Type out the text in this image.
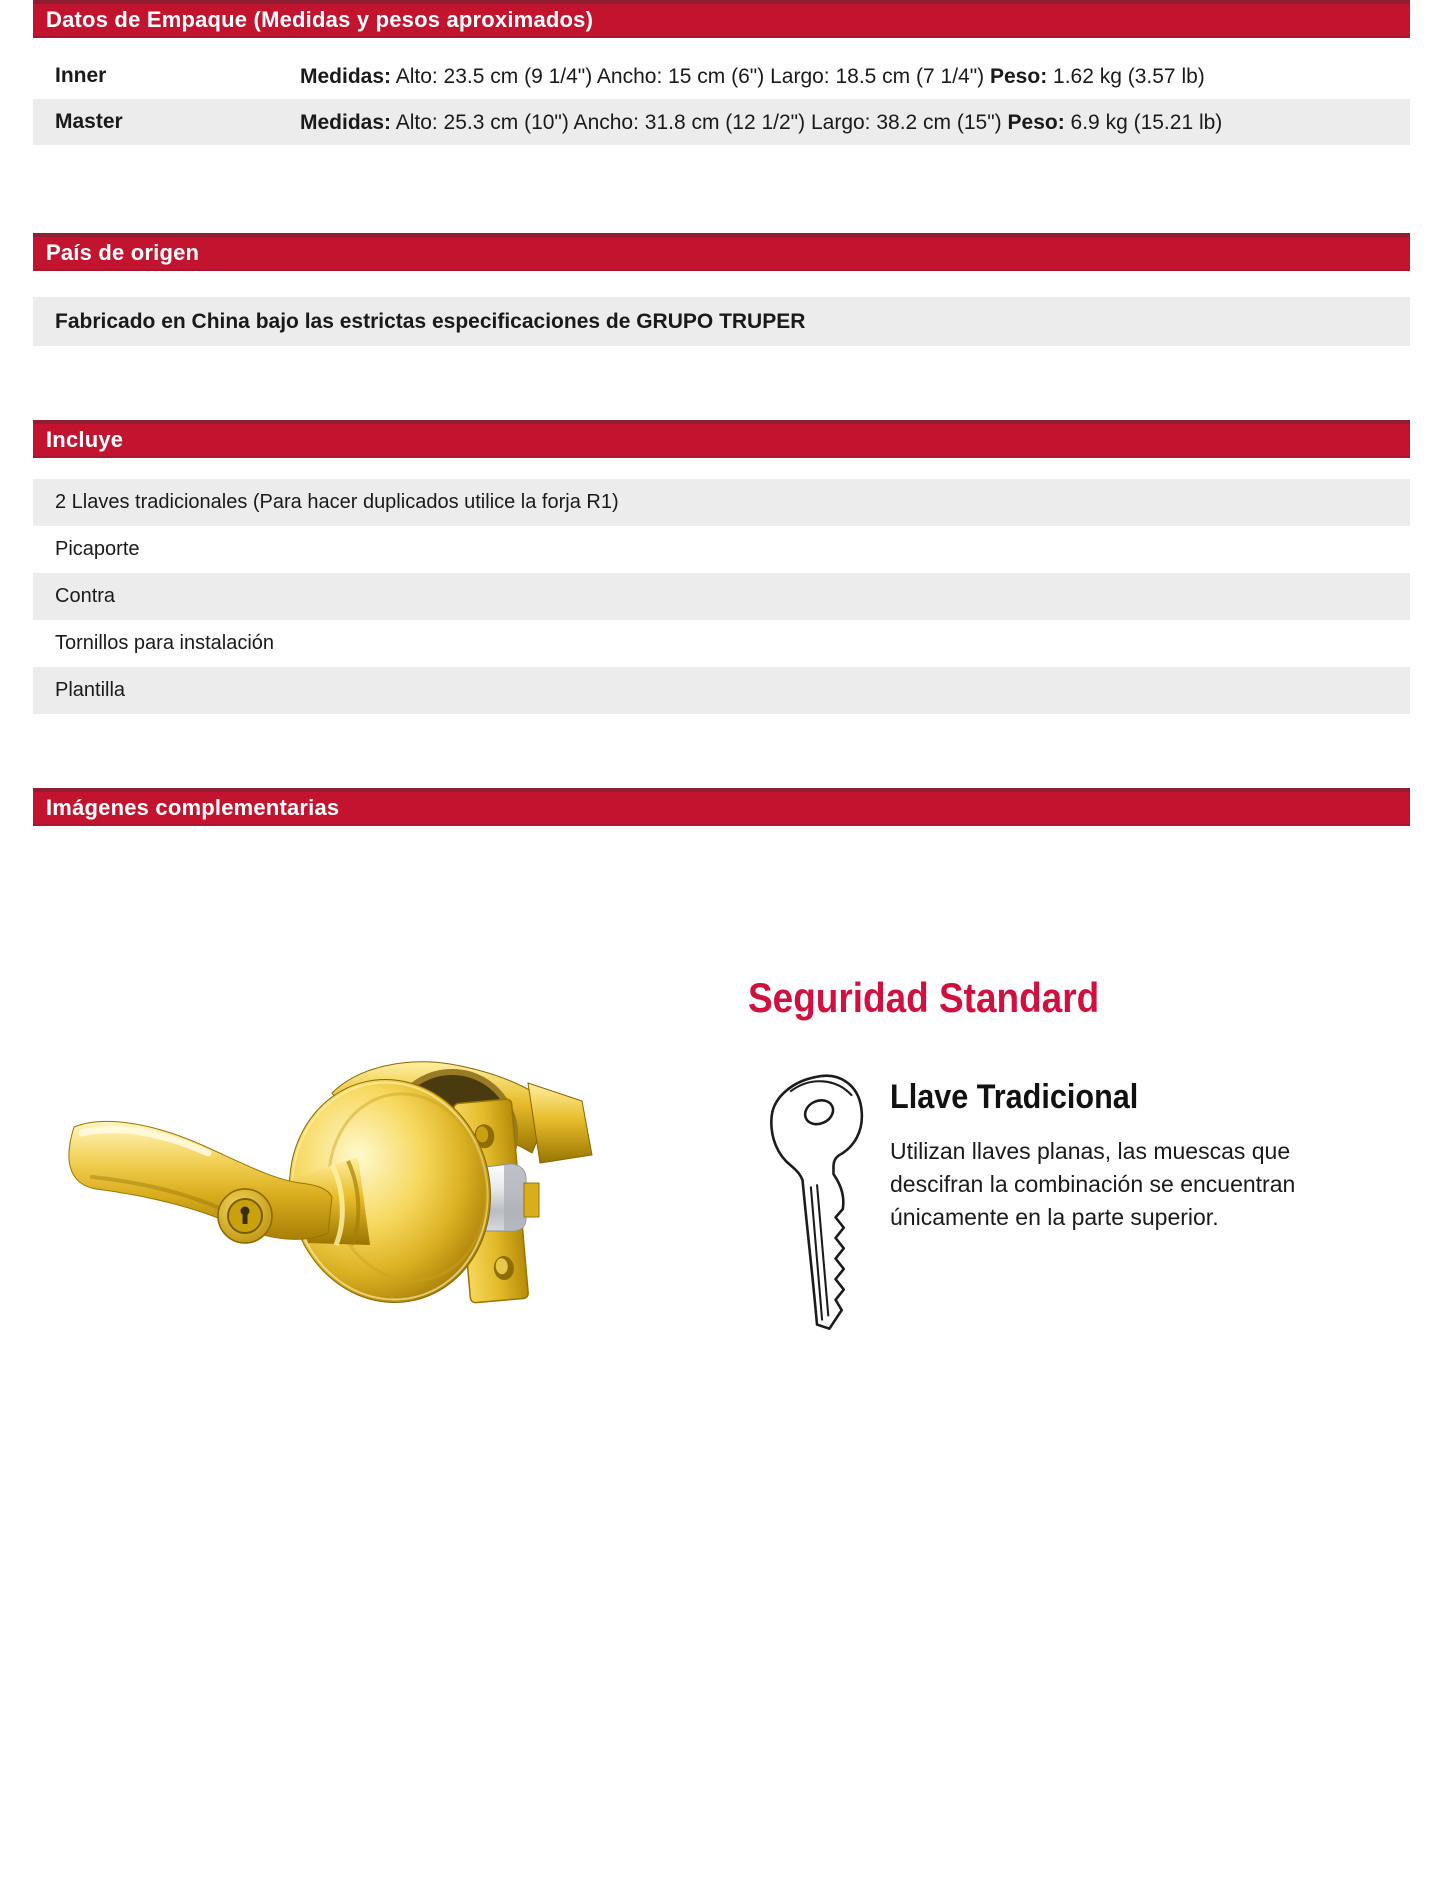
Datos de Empaque (Medidas y pesos aproximados)
Inner	Medidas: Alto: 23.5 cm (9 1/4") Ancho: 15 cm (6") Largo: 18.5 cm (7 1/4") Peso: 1.62 kg (3.57 lb)
Master	Medidas: Alto: 25.3 cm (10") Ancho: 31.8 cm (12 1/2") Largo: 38.2 cm (15") Peso: 6.9 kg (15.21 lb)
País de origen
Fabricado en China bajo las estrictas especificaciones de GRUPO TRUPER
Incluye
2 Llaves tradicionales (Para hacer duplicados utilice la forja R1)
Picaporte
Contra
Tornillos para instalación
Plantilla
Imágenes complementarias
Seguridad Standard
Llave Tradicional

Utilizan llaves planas, las muescas que descifran la combinación se encuentran únicamente en la parte superior.
